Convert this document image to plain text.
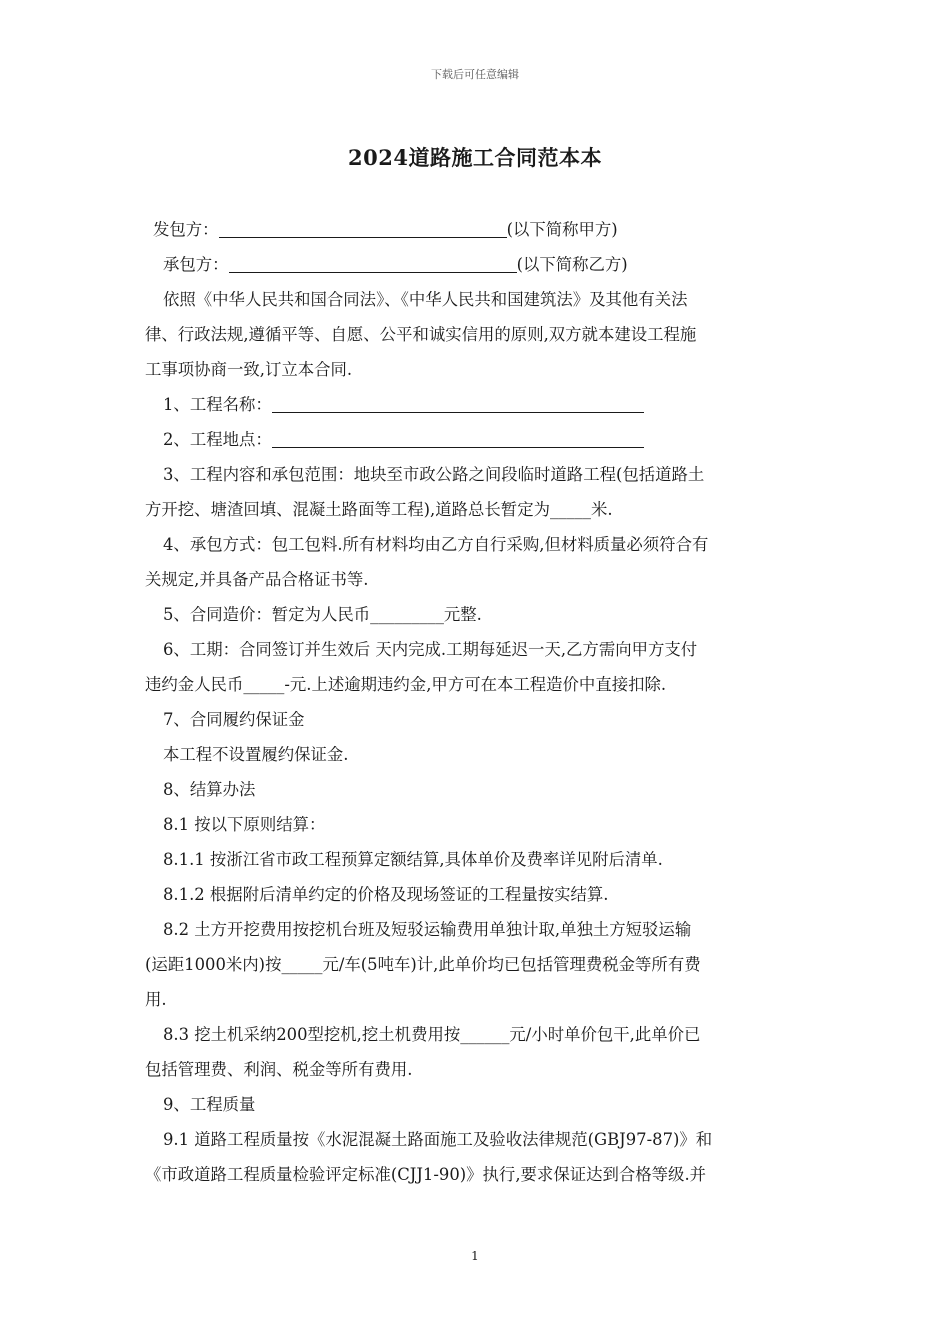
下载后可任意编辑
2024道路施工合同范本本
发包方：	(以下简称甲方)
承包方：	(以下简称乙方)
依照《中华人民共和国合同法》、《中华人民共和国建筑法》及其他有关法
律、行政法规,遵循平等、自愿、公平和诚实信用的原则,双方就本建设工程施
工事项协商一致,订立本合同.
1、工程名称：
2、工程地点：
3、工程内容和承包范围：地块至市政公路之间段临时道路工程(包括道路土
方开挖、塘渣回填、混凝土路面等工程),道路总长暂定为_____米.
4、承包方式：包工包料.所有材料均由乙方自行采购,但材料质量必须符合有
关规定,并具备产品合格证书等.
5、合同造价：暂定为人民币_________元整.
6、工期：合同签订并生效后 天内完成.工期每延迟一天,乙方需向甲方支付
违约金人民币_____-元.上述逾期违约金,甲方可在本工程造价中直接扣除.
7、合同履约保证金
本工程不设置履约保证金.
8、结算办法
8.1 按以下原则结算：
8.1.1 按浙江省市政工程预算定额结算,具体单价及费率详见附后清单.
8.1.2 根据附后清单约定的价格及现场签证的工程量按实结算.
8.2 土方开挖费用按挖机台班及短驳运输费用单独计取,单独土方短驳运输
(运距1000米内)按_____元/车(5吨车)计,此单价均已包括管理费税金等所有费
用.
8.3 挖土机采纳200型挖机,挖土机费用按______元/小时单价包干,此单价已
包括管理费、利润、税金等所有费用.
9、工程质量
9.1 道路工程质量按《水泥混凝土路面施工及验收法律规范(GBJ97-87)》和
《市政道路工程质量检验评定标准(CJJ1-90)》执行,要求保证达到合格等级.并
1
